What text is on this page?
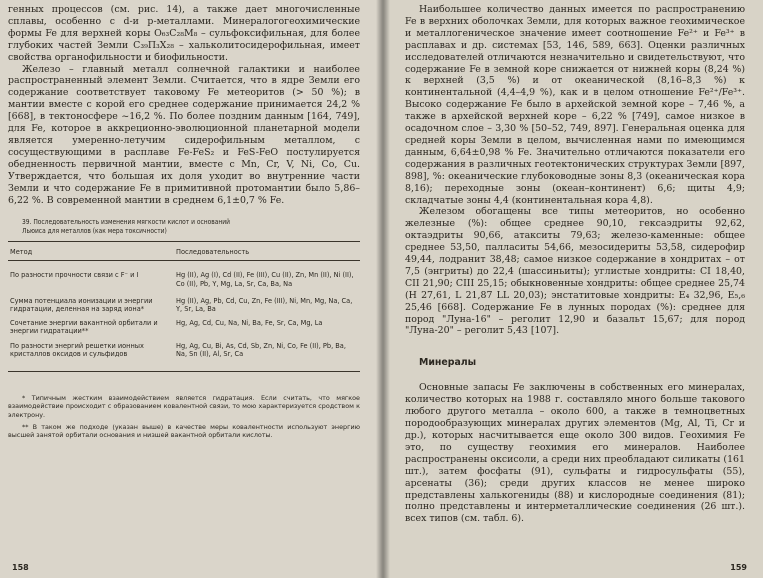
генных процессов (см. рис. 14), а также дает многочисленные сплавы, особенно с d-и p-металлами. Минералогогеохимические формы Fe для верхней коры O₆₃C₂₈M₈ – сульфоксифильная, для более глубоких частей Земли C₃₉П₃Х₂₈ – хальколитосидерофильная, имеет свойства органофильности и биофильности.

Железо – главный металл солнечной галактики и наиболее распространенный элемент Земли. Считается, что в ядре Земли его содержание соответствует таковому Fe метеоритов (> 50 %); в мантии вместе с корой его среднее содержание принимается 24,2 % [668], в тектоносфере ~16,2 %. По более поздним данным [164, 749], для Fe, которое в аккреционно-эволюционной планетарной модели является умеренно-летучим сидерофильным металлом, с сосуществующими в расплаве Fe-FeS₂ и FeS-FeO постулируется обедненность первичной мантии, вместе с Mn, Cr, V, Ni, Co, Cu. Утверждается, что большая их доля уходит во внутренние части Земли и что содержание Fe в примитивной протомантии было 5,86–6,22 %. В современной мантии в среднем 6,1±0,7 % Fe.

39. Последовательность изменения мягкости кислот и оснований
Льюиса для металлов (как мера токсичности)
Метод	Последовательность

По разности прочности связи с F⁻ и I	Hg (II), Ag (I), Cd (II), Fe (III), Cu (II), Zn, Mn (II), Ni (II), Co (II), Pb, Y, Mg, La, Sr, Ca, Ba, Na
Сумма потенциала ионизации и энергии гидратации, деленная на заряд иона*	Hg (II), Ag, Pb, Cd, Cu, Zn, Fe (III), Ni, Mn, Mg, Na, Ca, Y, Sr, La, Ba
Сочетание энергии вакантной орбитали и энергии гидратации**	Hg, Ag, Cd, Cu, Na, Ni, Ba, Fe, Sr, Ca, Mg, La
По разности энергий решетки ионных кристаллов оксидов и сульфидов	Hg, Ag, Cu, Bi, As, Cd, Sb, Zn, Ni, Co, Fe (II), Pb, Ba, Na, Sn (II), Al, Sr, Ca

* Типичным жестким взаимодействием является гидратация. Если считать, что мягкое взаимодействие происходит с образованием ковалентной связи, то мою характеризуется сродством к электрону.

** В таком же подходе (указан выше) в качестве меры ковалентности используют энергию высшей занятой орбитали основания и низшей вакантной орбитали кислоты.

158

Наибольшее количество данных имеется по распространению Fe в верхних оболочках Земли, для которых важное геохимическое и металлогеническое значение имеет соотношение Fe²⁺ и Fe³⁺ в расплавах и др. системах [53, 146, 589, 663]. Оценки различных исследователей отличаются незначительно и свидетельствуют, что содержание Fe в земной коре снижается от нижней коры (8,24 %) к верхней (3,5 %) и от океанической (8,16–8,3 %) к континентальной (4,4–4,9 %), как и в целом отношение Fe²⁺/Fe³⁺. Высоко содержание Fe было в архейской земной коре – 7,46 %, а также в архейской верхней коре – 6,22 % [749], самое низкое в осадочном слое – 3,30 % [50–52, 749, 897]. Генеральная оценка для средней коры Земли в целом, вычисленная нами по имеющимся данным, 6,64±0,98 % Fe. Значительно отличаются показатели его содержания в различных геотектонических структурах Земли [897, 898], %: океанические глубоководные зоны 8,3 (океаническая кора 8,16); переходные зоны (океан–континент) 6,6; щиты 4,9; складчатые зоны 4,4 (континентальная кора 4,8).

Железом обогащены все типы метеоритов, но особенно железные (%): общее среднее 90,10, гексаэдриты 92,62, октаэдриты 90,66, атакситы 79,63; железо-каменные: общее среднее 53,50, палласиты 54,66, мезосидериты 53,58, сидерофир 49,44, лодранит 38,48; самое низкое содержание в хондритах – от 7,5 (энгриты) до 22,4 (шассиньиты); углистые хондриты: CI 18,40, CII 21,90; CIII 25,15; обыкновенные хондриты: общее среднее 25,74 (H 27,61, L 21,87 LL 20,03); энстатитовые хондриты: E₄ 32,96, E₅,₆ 25,46 [668]. Содержание Fe в лунных породах (%): среднее для пород "Луна-16" – реголит 12,90 и базальт 15,67; для пород "Луна-20" – реголит 5,43 [107].

Минералы

Основные запасы Fe заключены в собственных его минералах, количество которых на 1988 г. составляло много больше такового любого другого металла – около 600, а также в темноцветных породообразующих минералах других элементов (Mg, Al, Ti, Cr и др.), которых насчитывается еще около 300 видов. Геохимия Fe это, по существу геохимия его минералов. Наиболее распространены оксисоли, а среди них преобладают силикаты (161 шт.), затем фосфаты (91), сульфаты и гидросульфаты (55), арсенаты (36); среди других классов не менее широко представлены халькогениды (88) и кислородные соединения (81); полно представлены и интерметаллические соединения (26 шт.). всех типов (см. табл. 6).

159
